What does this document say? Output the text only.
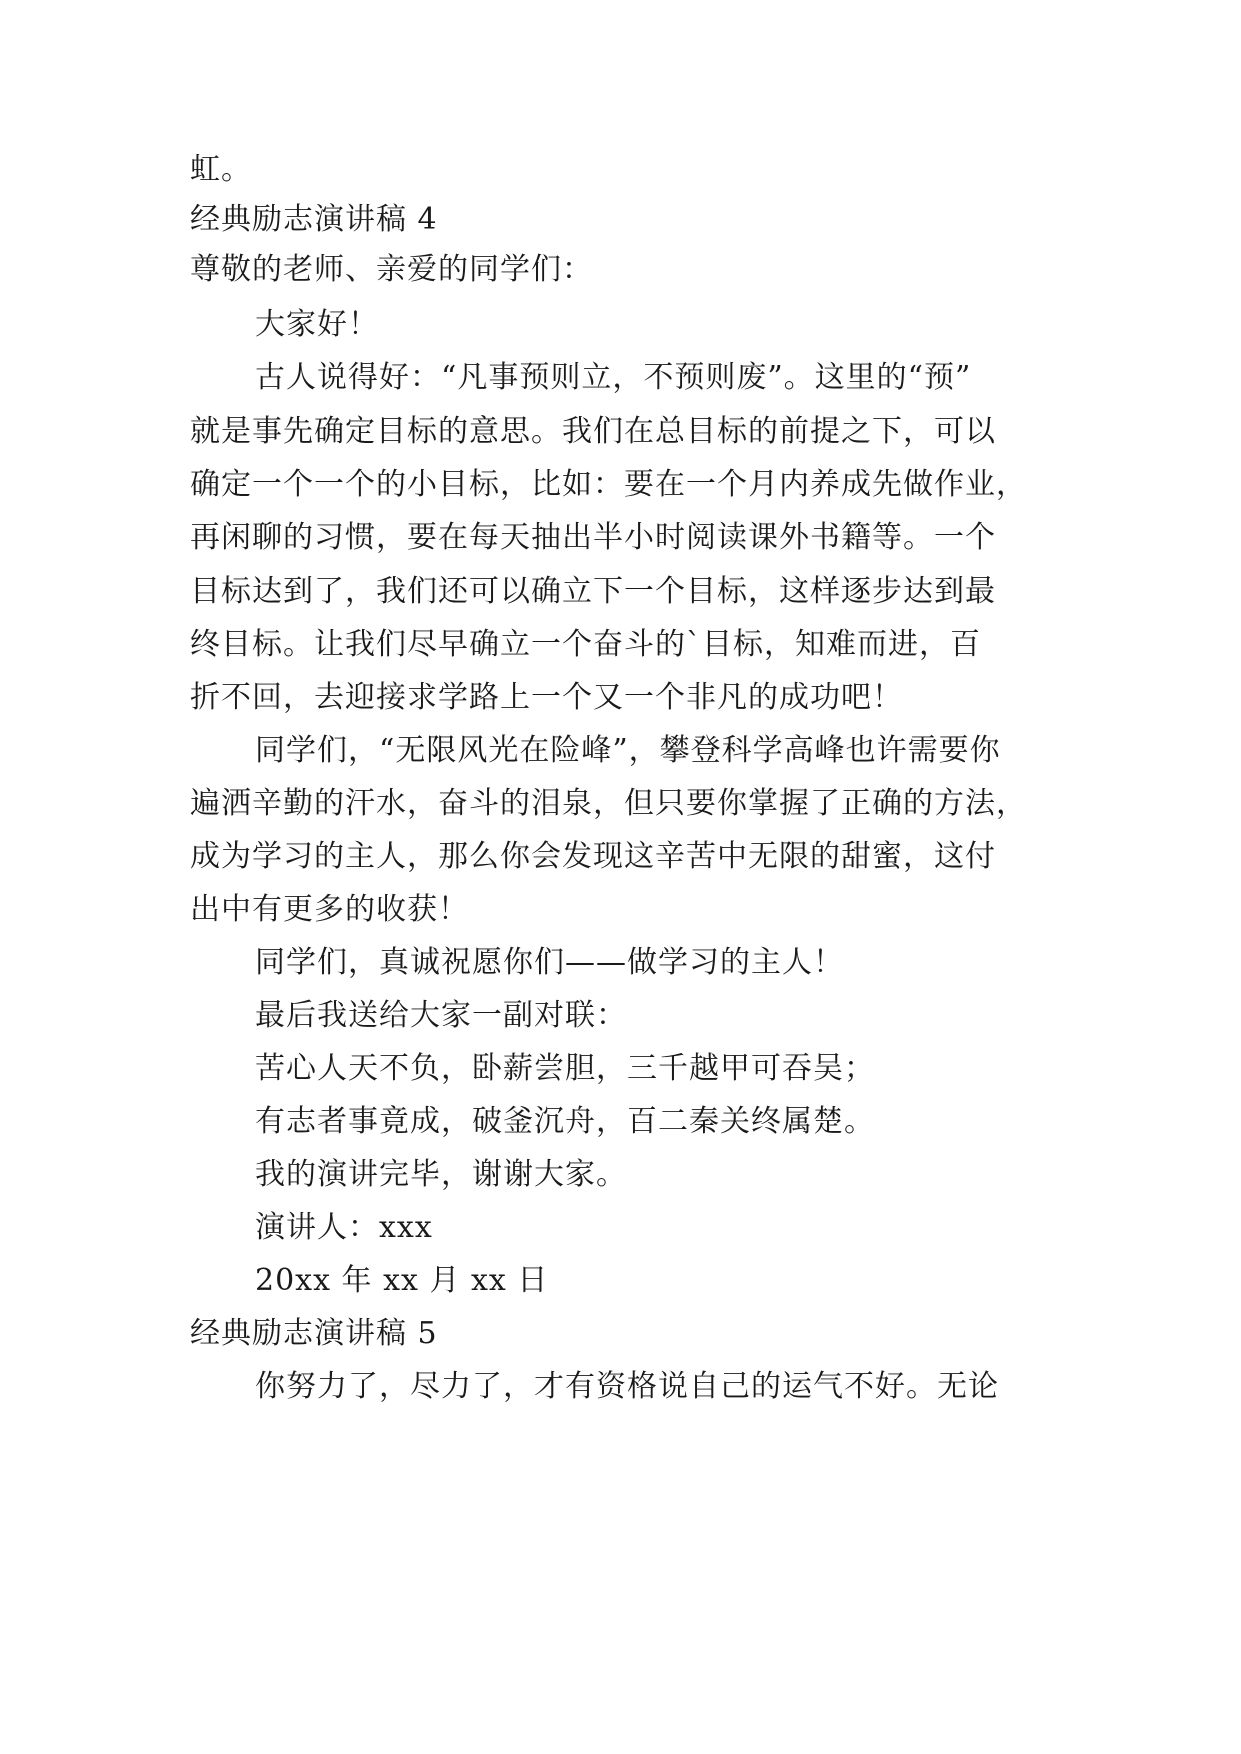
虹。
经典励志演讲稿 4
尊敬的老师、亲爱的同学们：
大家好！
古人说得好：“凡事预则立，不预则废”。这里的“预”
就是事先确定目标的意思。我们在总目标的前提之下，可以
确定一个一个的小目标，比如：要在一个月内养成先做作业，
再闲聊的习惯，要在每天抽出半小时阅读课外书籍等。一个
目标达到了，我们还可以确立下一个目标，这样逐步达到最
终目标。让我们尽早确立一个奋斗的`目标，知难而进，百
折不回，去迎接求学路上一个又一个非凡的成功吧！
同学们，“无限风光在险峰”，攀登科学高峰也许需要你
遍洒辛勤的汗水，奋斗的泪泉，但只要你掌握了正确的方法，
成为学习的主人，那么你会发现这辛苦中无限的甜蜜，这付
出中有更多的收获！
同学们，真诚祝愿你们——做学习的主人！
最后我送给大家一副对联：
苦心人天不负，卧薪尝胆，三千越甲可吞吴；
有志者事竟成，破釜沉舟，百二秦关终属楚。
我的演讲完毕，谢谢大家。
演讲人：xxx
20xx 年 xx 月 xx 日
经典励志演讲稿 5
你努力了，尽力了，才有资格说自己的运气不好。无论
